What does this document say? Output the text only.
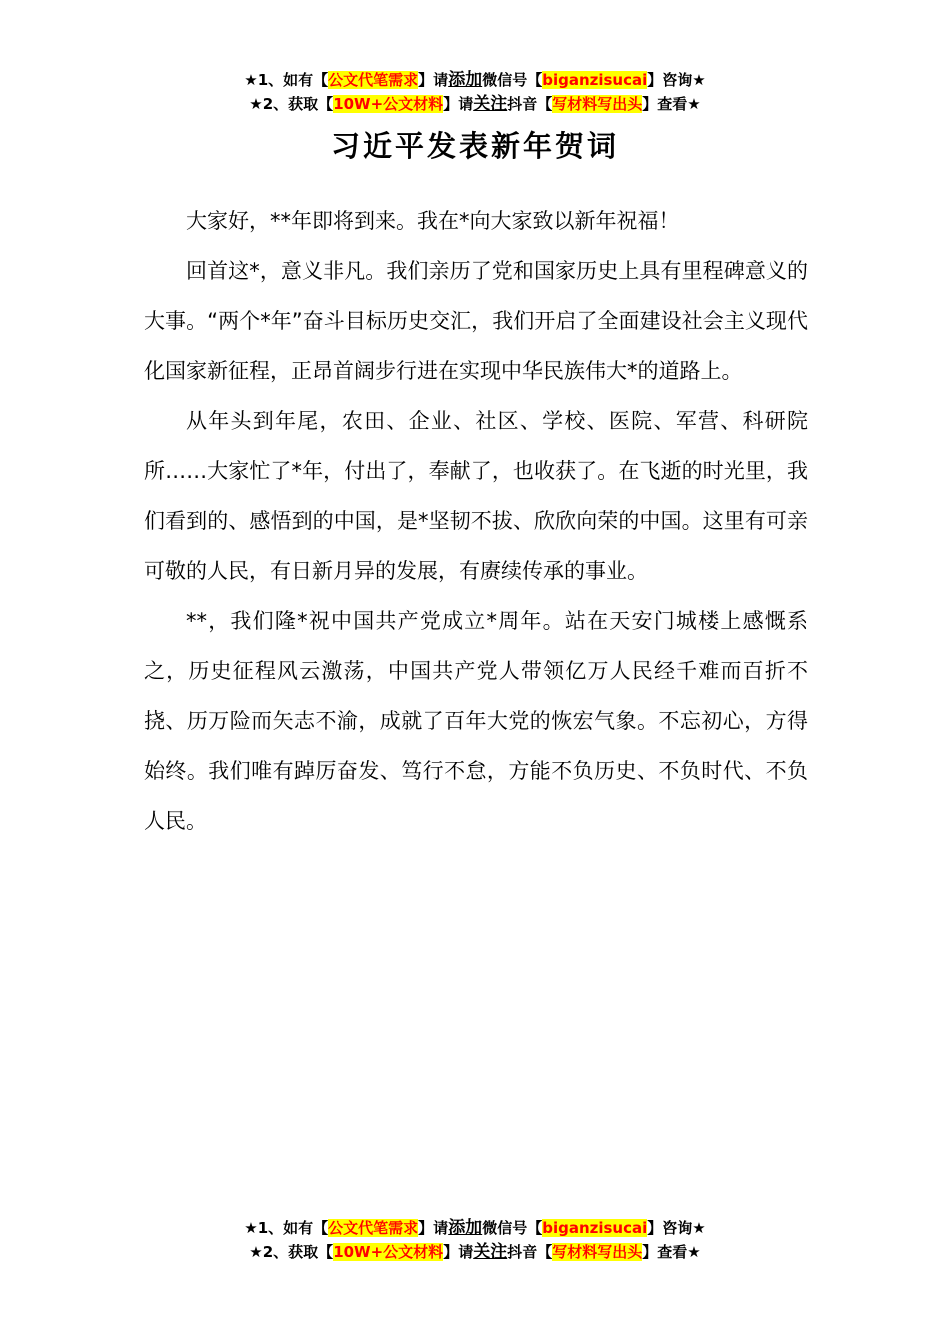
★1、如有【公文代笔需求】请添加微信号【biganzisucai】咨询★
★2、获取【10W+公文材料】请关注抖音【写材料写出头】查看★
习近平发表新年贺词

大家好，**年即将到来。我在*向大家致以新年祝福！

回首这*，意义非凡。我们亲历了党和国家历史上具有里程碑意义的大事。“两个*年”奋斗目标历史交汇，我们开启了全面建设社会主义现代化国家新征程，正昂首阔步行进在实现中华民族伟大*的道路上。

从年头到年尾，农田、企业、社区、学校、医院、军营、科研院所……大家忙了*年，付出了，奉献了，也收获了。在飞逝的时光里，我们看到的、感悟到的中国，是*坚韧不拔、欣欣向荣的中国。这里有可亲可敬的人民，有日新月异的发展，有赓续传承的事业。

**，我们隆*祝中国共产党成立*周年。站在天安门城楼上感慨系之，历史征程风云激荡，中国共产党人带领亿万人民经千难而百折不挠、历万险而矢志不渝，成就了百年大党的恢宏气象。不忘初心，方得始终。我们唯有踔厉奋发、笃行不怠，方能不负历史、不负时代、不负人民。

★1、如有【公文代笔需求】请添加微信号【biganzisucai】咨询★
★2、获取【10W+公文材料】请关注抖音【写材料写出头】查看★
